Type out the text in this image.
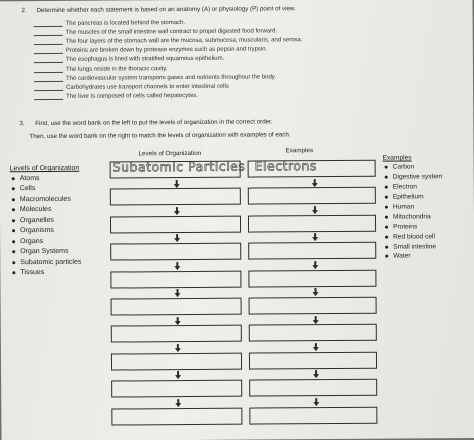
2. Determine whether each statement is based on an anatomy (A) or physiology (P) point of view.
The pancreas is located behind the stomach.
The muscles of the small intestine wall contract to propel digested food forward.
The four layers of the stomach wall are the mucosa, submucosa, muscularis, and serosa.
Proteins are broken down by protease enzymes such as pepsin and trypsin.
The esophagus is lined with stratified squamous epithelium.
The lungs reside in the thoracic cavity.
The cardiovascular system transports gases and nutrients throughout the body.
Carbohydrates use transport channels to enter intestinal cells
The liver is composed of cells called hepatocytes.
3. First, use the word bank on the left to put the levels of organization in the correct order.
Then, use the word bank on the right to match the levels of organization with examples of each.
Levels of Organization	Examples
Levels of Organization
Atoms
Cells
Macromolecules
Molecules
Organelles
Organisms
Organs
Organ Systems
Subatomic particles
Tissues
Examples
Carbon
Digestive system
Electron
Epithelium
Human
Mitochondria
Proteins
Red blood cell
Small intestine
Water
Subatomic Particles Electrons
